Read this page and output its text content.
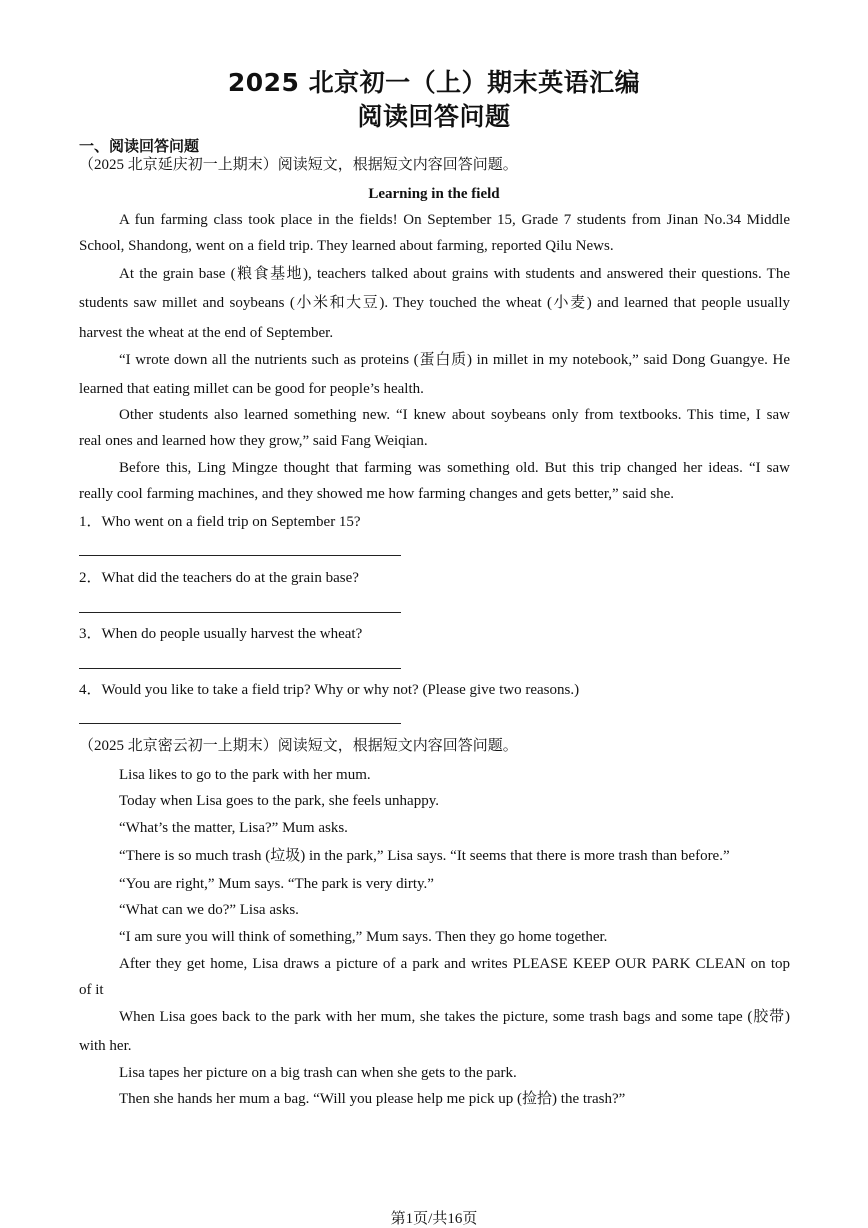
2025 北京初一（上）期末英语汇编
阅读回答问题
一、阅读回答问题
（2025 北京延庆初一上期末）阅读短文，根据短文内容回答问题。
Learning in the field
A fun farming class took place in the fields! On September 15, Grade 7 students from Jinan No.34 Middle
School, Shandong, went on a field trip. They learned about farming, reported Qilu News.
At the grain base (粮食基地), teachers talked about grains with students and answered their questions. The
students saw millet and soybeans (小米和大豆). They touched the wheat (小麦) and learned that people usually
harvest the wheat at the end of September.
“I wrote down all the nutrients such as proteins (蛋白质) in millet in my notebook,” said Dong Guangye. He
learned that eating millet can be good for people’s health.
Other students also learned something new. “I knew about soybeans only from textbooks. This time, I saw
real ones and learned how they grow,” said Fang Weiqian.
Before this, Ling Mingze thought that farming was something old. But this trip changed her ideas. “I saw
really cool farming machines, and they showed me how farming changes and gets better,” said she.
1．Who went on a field trip on September 15?
2．What did the teachers do at the grain base?
3．When do people usually harvest the wheat?
4．Would you like to take a field trip? Why or why not? (Please give two reasons.)
（2025 北京密云初一上期末）阅读短文，根据短文内容回答问题。
Lisa likes to go to the park with her mum.
Today when Lisa goes to the park, she feels unhappy.
“What’s the matter, Lisa?” Mum asks.
“There is so much trash (垃圾) in the park,” Lisa says. “It seems that there is more trash than before.”
“You are right,” Mum says. “The park is very dirty.”
“What can we do?” Lisa asks.
“I am sure you will think of something,” Mum says. Then they go home together.
After they get home, Lisa draws a picture of a park and writes PLEASE KEEP OUR PARK CLEAN on top
of it
When Lisa goes back to the park with her mum, she takes the picture, some trash bags and some tape (胶带)
with her.
Lisa tapes her picture on a big trash can when she gets to the park.
Then she hands her mum a bag. “Will you please help me pick up (捡拾) the trash?”
第1页/共16页
